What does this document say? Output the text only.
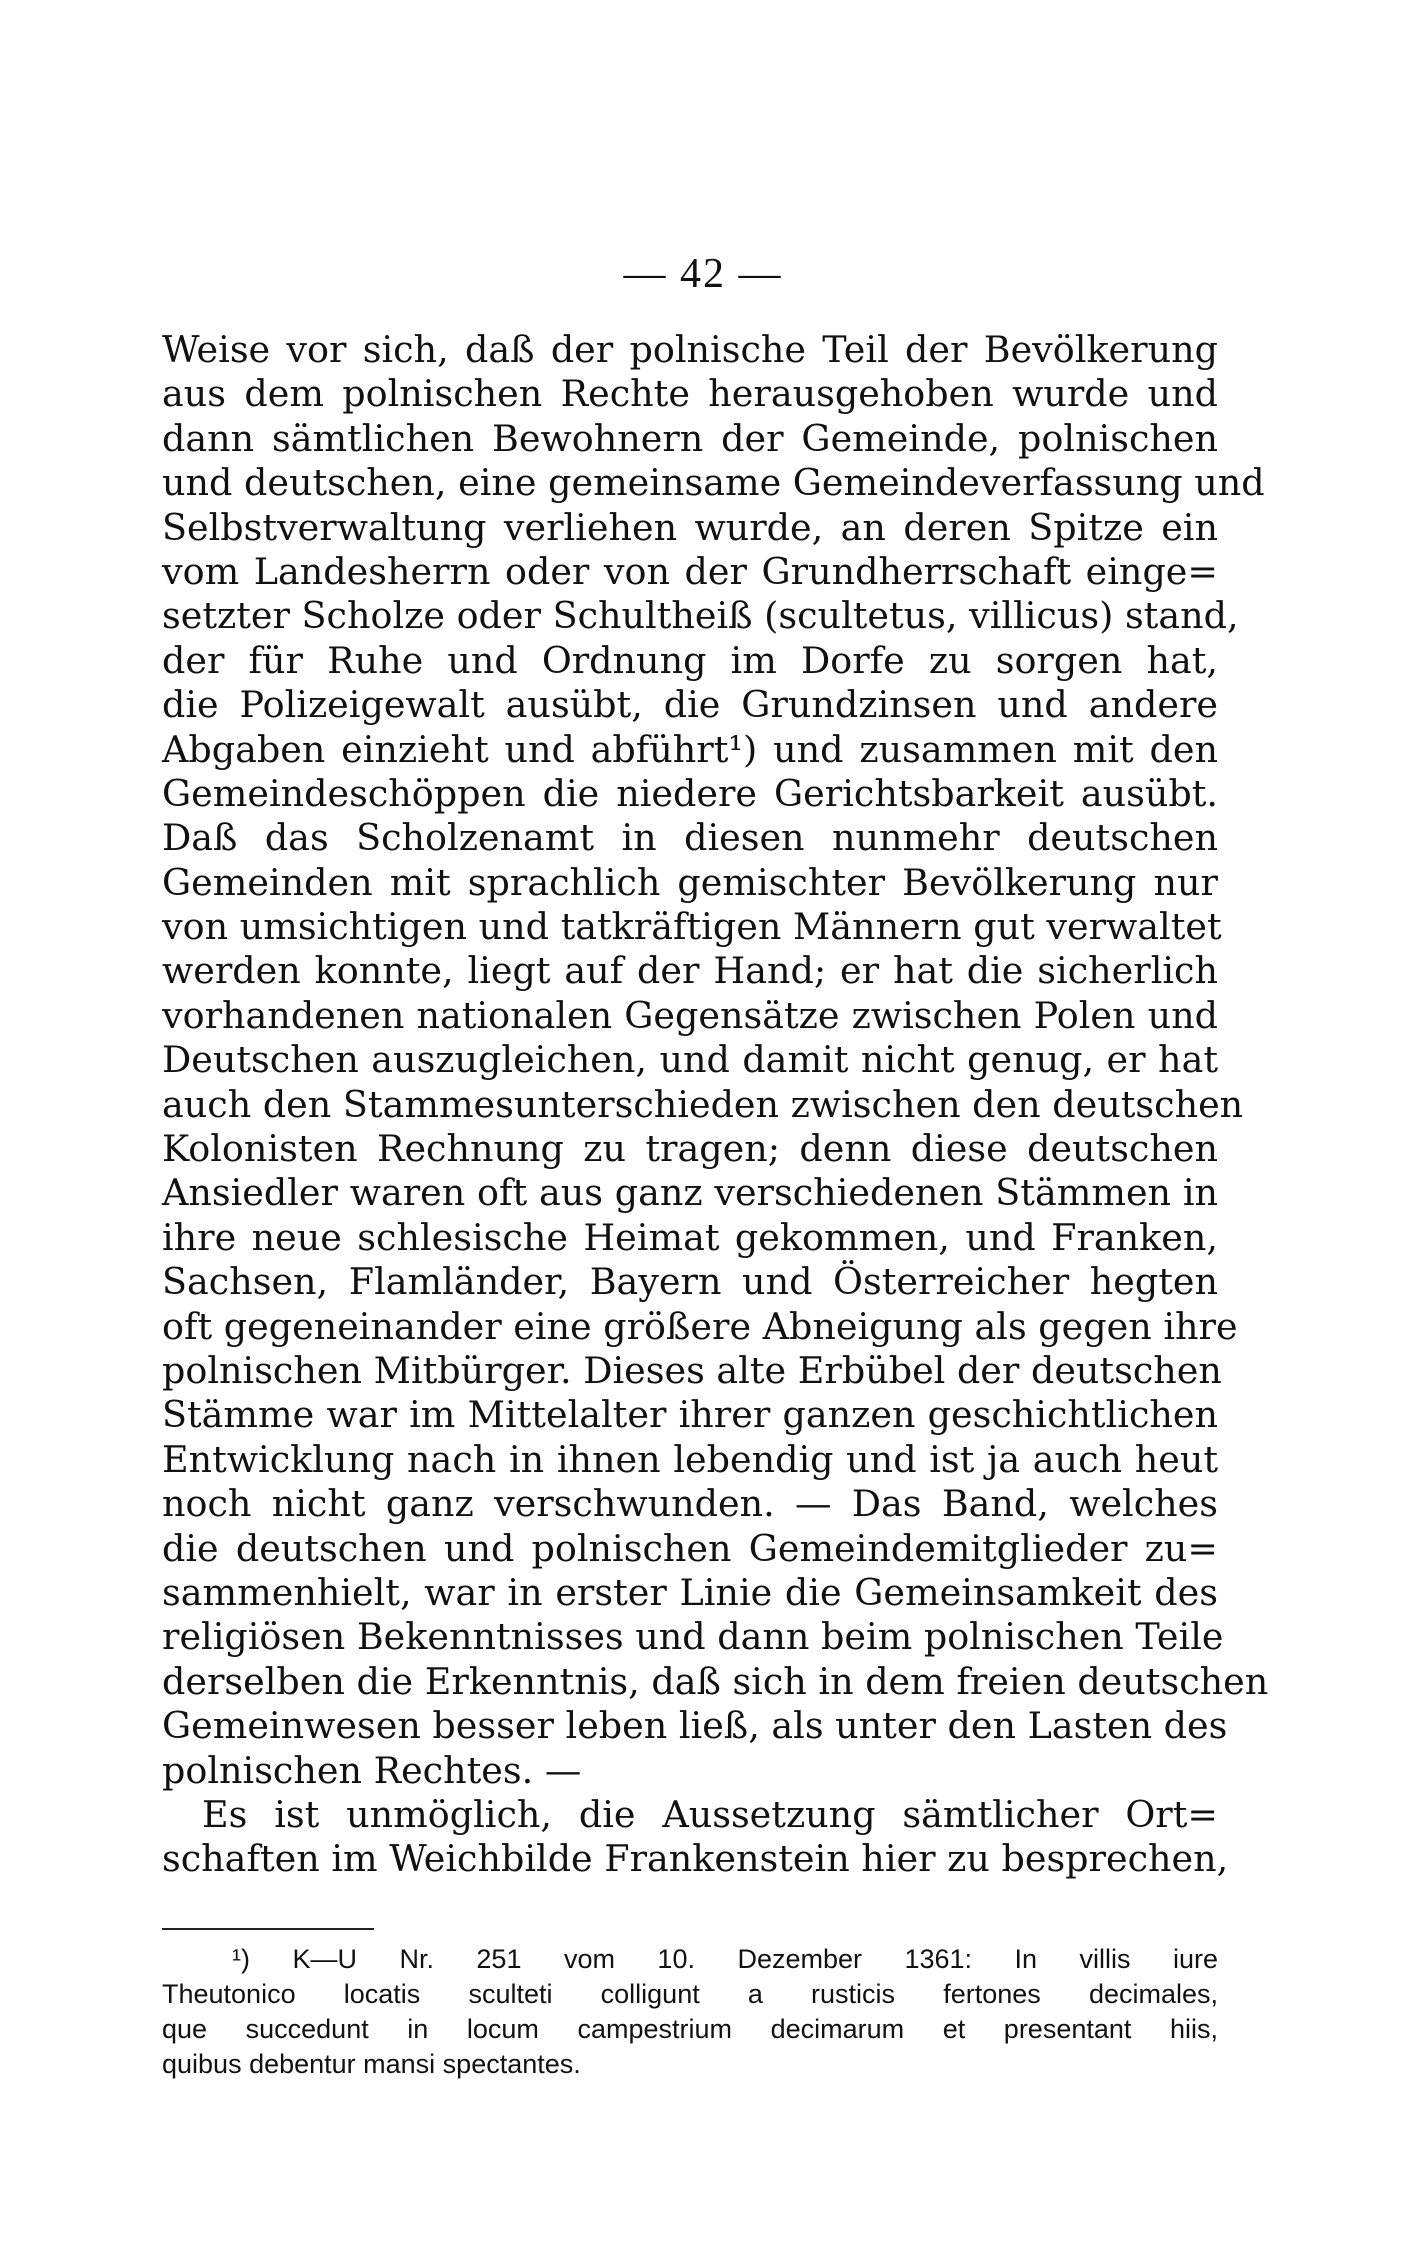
— 42 —
Weise vor sich, daß der polnische Teil der Bevölkerung
aus dem polnischen Rechte herausgehoben wurde und
dann sämtlichen Bewohnern der Gemeinde, polnischen
und deutschen, eine gemeinsame Gemeindeverfassung und
Selbstverwaltung verliehen wurde, an deren Spitze ein
vom Landesherrn oder von der Grundherrschaft einge=
setzter Scholze oder Schultheiß (scultetus, villicus) stand,
der für Ruhe und Ordnung im Dorfe zu sorgen hat,
die Polizeigewalt ausübt, die Grundzinsen und andere
Abgaben einzieht und abführt¹) und zusammen mit den
Gemeindeschöppen die niedere Gerichtsbarkeit ausübt.
Daß das Scholzenamt in diesen nunmehr deutschen
Gemeinden mit sprachlich gemischter Bevölkerung nur
von umsichtigen und tatkräftigen Männern gut verwaltet
werden konnte, liegt auf der Hand; er hat die sicherlich
vorhandenen nationalen Gegensätze zwischen Polen und
Deutschen auszugleichen, und damit nicht genug, er hat
auch den Stammesunterschieden zwischen den deutschen
Kolonisten Rechnung zu tragen; denn diese deutschen
Ansiedler waren oft aus ganz verschiedenen Stämmen in
ihre neue schlesische Heimat gekommen, und Franken,
Sachsen, Flamländer, Bayern und Österreicher hegten
oft gegeneinander eine größere Abneigung als gegen ihre
polnischen Mitbürger. Dieses alte Erbübel der deutschen
Stämme war im Mittelalter ihrer ganzen geschichtlichen
Entwicklung nach in ihnen lebendig und ist ja auch heut
noch nicht ganz verschwunden. — Das Band, welches
die deutschen und polnischen Gemeindemitglieder zu=
sammenhielt, war in erster Linie die Gemeinsamkeit des
religiösen Bekenntnisses und dann beim polnischen Teile
derselben die Erkenntnis, daß sich in dem freien deutschen
Gemeinwesen besser leben ließ, als unter den Lasten des
polnischen Rechtes. —
Es ist unmöglich, die Aussetzung sämtlicher Ort=
schaften im Weichbilde Frankenstein hier zu besprechen,
¹) K—U Nr. 251 vom 10. Dezember 1361: In villis iure
Theutonico locatis sculteti colligunt a rusticis fertones decimales,
que succedunt in locum campestrium decimarum et presentant hiis,
quibus debentur mansi spectantes.
